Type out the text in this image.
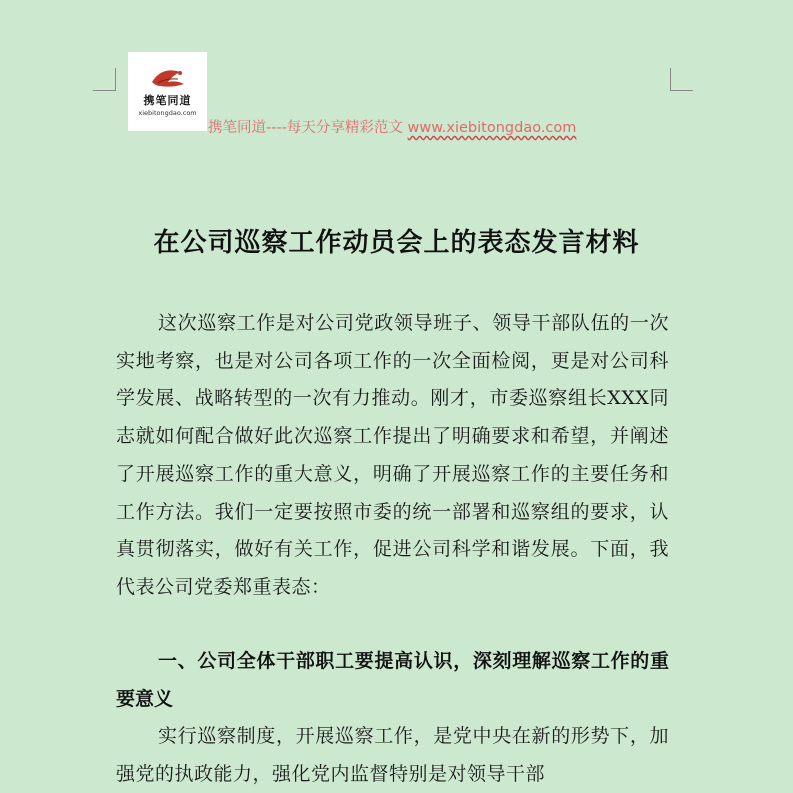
携笔同道
xiebitongdao.com
携笔同道----每天分享精彩范文 www.xiebitongdao.com
在公司巡察工作动员会上的表态发言材料
这次巡察工作是对公司党政领导班子、领导干部队伍的一次实地考察，也是对公司各项工作的一次全面检阅，更是对公司科学发展、战略转型的一次有力推动。刚才，市委巡察组长XXX同志就如何配合做好此次巡察工作提出了明确要求和希望，并阐述了开展巡察工作的重大意义，明确了开展巡察工作的主要任务和工作方法。我们一定要按照市委的统一部署和巡察组的要求，认真贯彻落实，做好有关工作，促进公司科学和谐发展。下面，我代表公司党委郑重表态：
一、公司全体干部职工要提高认识，深刻理解巡察工作的重要意义
实行巡察制度，开展巡察工作，是党中央在新的形势下，加强党的执政能力，强化党内监督特别是对领导干部
